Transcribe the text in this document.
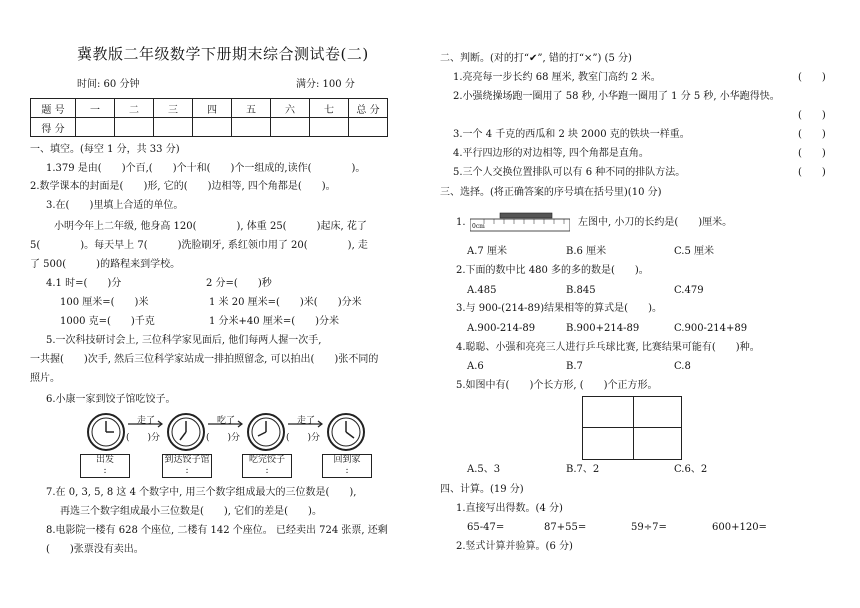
冀教版二年级数学下册期末综合测试卷(二)
时间: 60 分钟	满分: 100 分
题 号	一	二	三	四	五	六	七	总 分
得 分								
一、填空。(每空 1 分，共 33 分)
1.379 是由(　　)个百,(　　)个十和(　　)个一组成的,读作(　　　　)。
2.数学课本的封面是(　　)形, 它的(　　)边相等, 四个角都是(　　)。
3.在(　　)里填上合适的单位。
小明今年上二年级, 他身高 120(　　　　), 体重 25(　　　)起床, 花了
5(　　　　)。每天早上 7(　　　)洗脸刷牙, 系红领巾用了 20(　　　　), 走
了 500(　　　)的路程来到学校。
4.1 时=(　　)分	2 分=(　　)秒
100 厘米=(　　)米	1 米 20 厘米=(　　)米(　　)分米
1000 克=(　　)千克	1 分米+40 厘米=(　　)分米
5.一次科技研讨会上, 三位科学家见面后, 他们每两人握一次手,
一共握(　　)次手, 然后三位科学家站成一排拍照留念, 可以拍出(　　)张不同的
照片。
6.小康一家到饺子馆吃饺子。
走了	吃了	走了
(　　)分	(　　)分	(　　)分
出发
:
到达饺子馆
:
吃完饺子
:
回到家
:
7.在 0, 3, 5, 8 这 4 个数字中, 用三个数字组成最大的三位数是(　　),
再选三个数字组成最小三位数是(　　), 它们的差是(　　)。
8.电影院一楼有 628 个座位, 二楼有 142 个座位。 已经卖出 724 张票, 还剩
(　　)张票没有卖出。
二、判断。(对的打“✔”, 错的打“×”) (5 分)
1.亮亮每一步长约 68 厘米, 教室门高约 2 米。	(　　)
2.小强绕操场跑一圈用了 58 秒, 小华跑一圈用了 1 分 5 秒, 小华跑得快。
(　　)
3.一个 4 千克的西瓜和 2 块 2000 克的铁块一样重。	(　　)
4.平行四边形的对边相等, 四个角都是直角。	(　　)
5.三个人交换位置排队可以有 6 种不同的排队方法。	(　　)
三、选择。(将正确答案的序号填在括号里)(10 分)
1. 0cm	左图中, 小刀的长约是(　　)厘米。
A.7 厘米	B.6 厘米	C.5 厘米
2.下面的数中比 480 多的多的数是(　　)。
A.485	B.845	C.479
3.与 900-(214-89)结果相等的算式是(　　)。
A.900-214-89	B.900+214-89	C.900-214+89
4.聪聪、小强和亮亮三人进行乒乓球比赛, 比赛结果可能有(　　)种。
A.6	B.7	C.8
5.如图中有(　　)个长方形, (　　)个正方形。
A.5、3	B.7、2	C.6、2
四、计算。(19 分)
1.直接写出得数。(4 分)
65-47=	87+55=	59÷7=	600+120=
2.竖式计算并验算。(6 分)
